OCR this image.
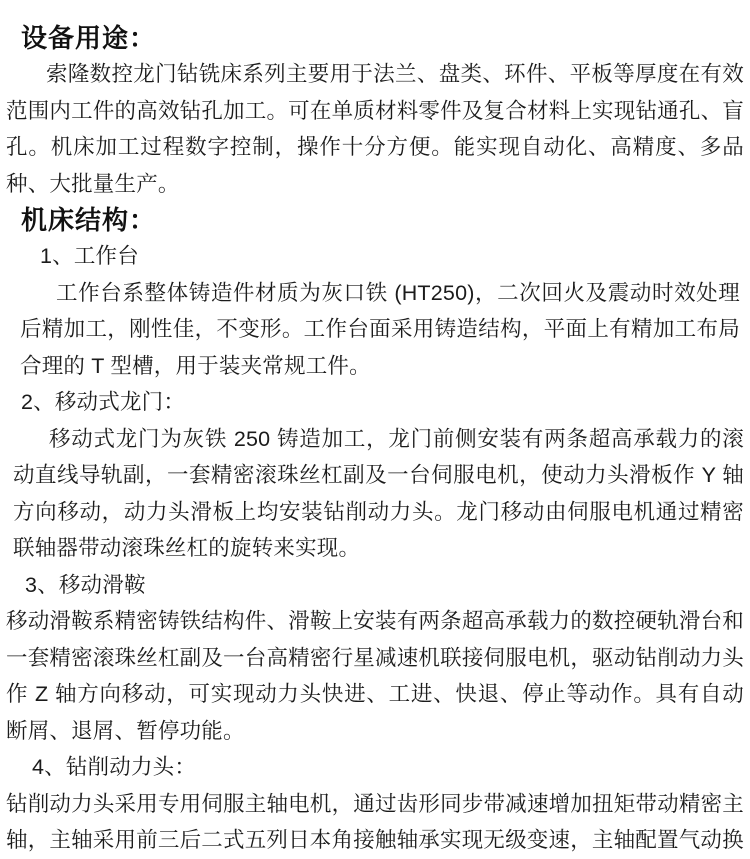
设备用途：

索隆数控龙门钻铣床系列主要用于法兰、盘类、环件、平板等厚度在有效范围内工件的高效钻孔加工。可在单质材料零件及复合材料上实现钻通孔、盲孔。机床加工过程数字控制，操作十分方便。能实现自动化、高精度、多品种、大批量生产。

机床结构：

1、工作台

工作台系整体铸造件材质为灰口铁 (HT250)，二次回火及震动时效处理后精加工，刚性佳，不变形。工作台面采用铸造结构，平面上有精加工布局合理的 T 型槽，用于装夹常规工件。

2、移动式龙门：

移动式龙门为灰铁 250 铸造加工，龙门前侧安装有两条超高承载力的滚动直线导轨副，一套精密滚珠丝杠副及一台伺服电机，使动力头滑板作 Y 轴方向移动，动力头滑板上均安装钻削动力头。龙门移动由伺服电机通过精密联轴器带动滚珠丝杠的旋转来实现。

3、移动滑鞍

移动滑鞍系精密铸铁结构件、滑鞍上安装有两条超高承载力的数控硬轨滑台和一套精密滚珠丝杠副及一台高精密行星减速机联接伺服电机，驱动钻削动力头作 Z 轴方向移动，可实现动力头快进、工进、快退、停止等动作。具有自动断屑、退屑、暂停功能。

4、钻削动力头：

钻削动力头采用专用伺服主轴电机，通过齿形同步带减速增加扭矩带动精密主轴，主轴采用前三后二式五列日本角接触轴承实现无级变速，主轴配置气动换
